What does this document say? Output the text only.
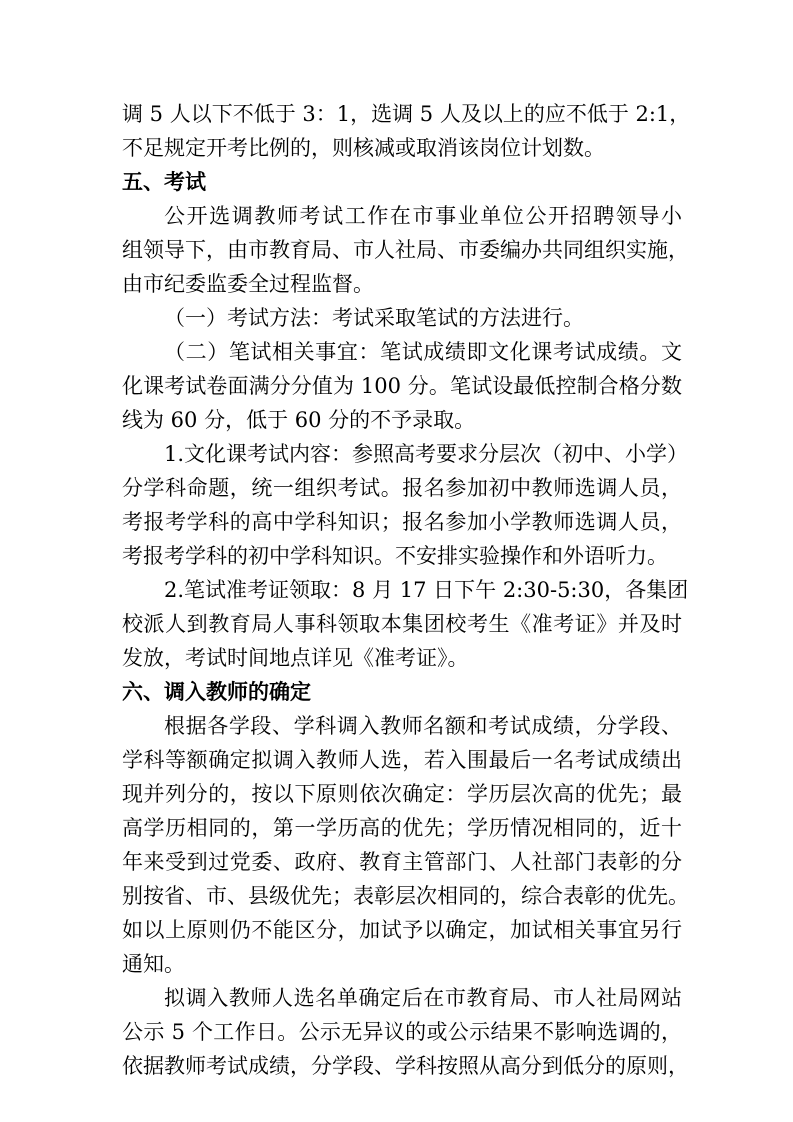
调 5 人以下不低于 3：1，选调 5 人及以上的应不低于 2:1，
不足规定开考比例的，则核减或取消该岗位计划数。
五、考试
公开选调教师考试工作在市事业单位公开招聘领导小
组领导下，由市教育局、市人社局、市委编办共同组织实施，
由市纪委监委全过程监督。
（一）考试方法：考试采取笔试的方法进行。
（二）笔试相关事宜：笔试成绩即文化课考试成绩。文
化课考试卷面满分分值为 100 分。笔试设最低控制合格分数
线为 60 分，低于 60 分的不予录取。
1.文化课考试内容：参照高考要求分层次（初中、小学）
分学科命题，统一组织考试。报名参加初中教师选调人员，
考报考学科的高中学科知识；报名参加小学教师选调人员，
考报考学科的初中学科知识。不安排实验操作和外语听力。
2.笔试准考证领取：8 月 17 日下午 2:30-5:30，各集团
校派人到教育局人事科领取本集团校考生《准考证》并及时
发放，考试时间地点详见《准考证》。
六、调入教师的确定
根据各学段、学科调入教师名额和考试成绩，分学段、
学科等额确定拟调入教师人选，若入围最后一名考试成绩出
现并列分的，按以下原则依次确定：学历层次高的优先；最
高学历相同的，第一学历高的优先；学历情况相同的，近十
年来受到过党委、政府、教育主管部门、人社部门表彰的分
别按省、市、县级优先；表彰层次相同的，综合表彰的优先。
如以上原则仍不能区分，加试予以确定，加试相关事宜另行
通知。
拟调入教师人选名单确定后在市教育局、市人社局网站
公示 5 个工作日。公示无异议的或公示结果不影响选调的，
依据教师考试成绩，分学段、学科按照从高分到低分的原则，
